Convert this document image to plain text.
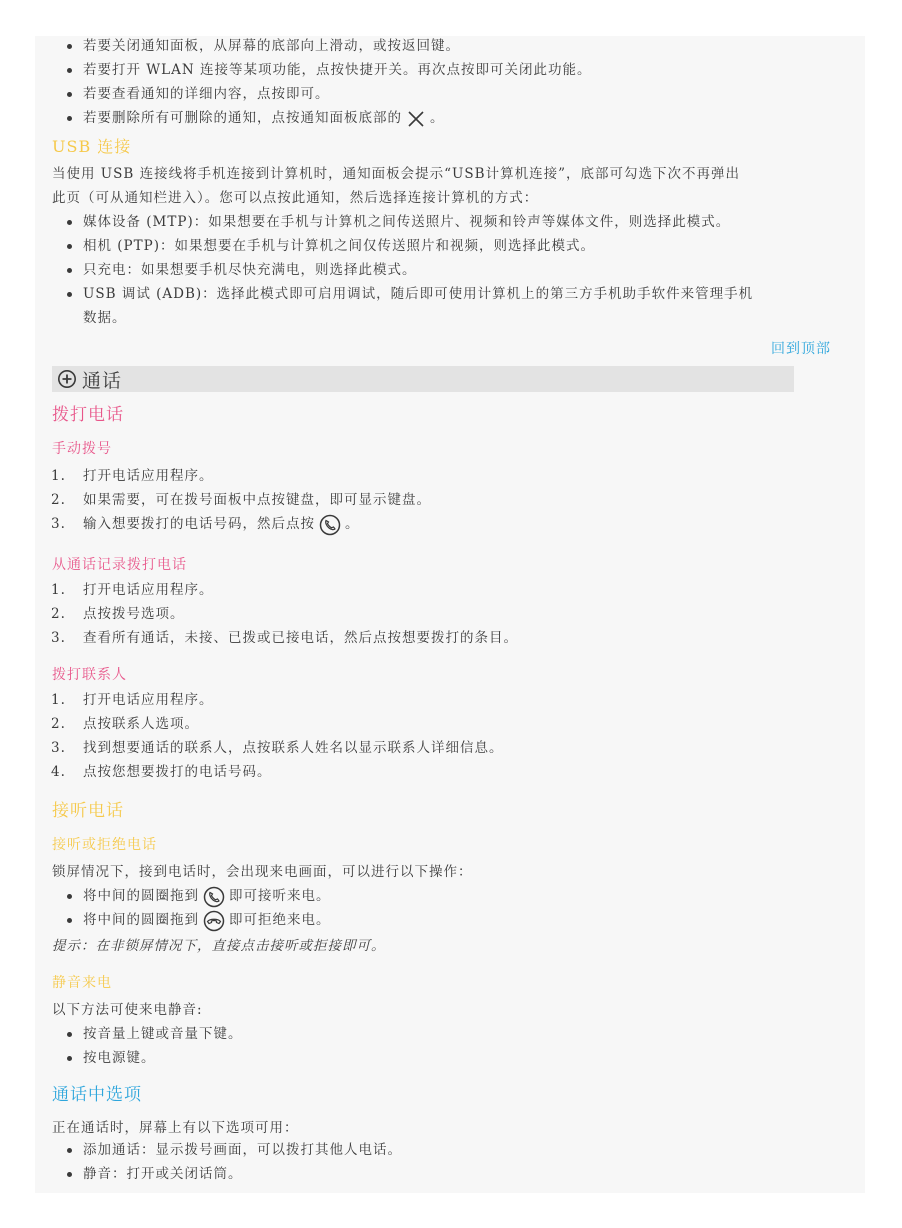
若要关闭通知面板，从屏幕的底部向上滑动，或按返回键。
若要打开 WLAN 连接等某项功能，点按快捷开关。再次点按即可关闭此功能。
若要查看通知的详细内容，点按即可。
若要删除所有可删除的通知，点按通知面板底部的 。
USB 连接
当使用 USB 连接线将手机连接到计算机时，通知面板会提示“USB计算机连接”，底部可勾选下次不再弹出
此页（可从通知栏进入）。您可以点按此通知，然后选择连接计算机的方式：
媒体设备 (MTP)：如果想要在手机与计算机之间传送照片、视频和铃声等媒体文件，则选择此模式。
相机 (PTP)：如果想要在手机与计算机之间仅传送照片和视频，则选择此模式。
只充电：如果想要手机尽快充满电，则选择此模式。
USB 调试 (ADB)：选择此模式即可启用调试，随后即可使用计算机上的第三方手机助手软件来管理手机
数据。
回到顶部
通话
拨打电话
手动拨号
1. 打开电话应用程序。
2. 如果需要，可在拨号面板中点按键盘，即可显示键盘。
3. 输入想要拨打的电话号码，然后点按 。
从通话记录拨打电话
1. 打开电话应用程序。
2. 点按拨号选项。
3. 查看所有通话，未接、已拨或已接电话，然后点按想要拨打的条目。
拨打联系人
1. 打开电话应用程序。
2. 点按联系人选项。
3. 找到想要通话的联系人，点按联系人姓名以显示联系人详细信息。
4. 点按您想要拨打的电话号码。
接听电话
接听或拒绝电话
锁屏情况下，接到电话时，会出现来电画面，可以进行以下操作：
将中间的圆圈拖到 即可接听来电。
将中间的圆圈拖到 即可拒绝来电。
提示：在非锁屏情况下，直接点击接听或拒接即可。
静音来电
以下方法可使来电静音:
按音量上键或音量下键。
按电源键。
通话中选项
正在通话时，屏幕上有以下选项可用：
添加通话：显示拨号画面，可以拨打其他人电话。
静音：打开或关闭话筒。
